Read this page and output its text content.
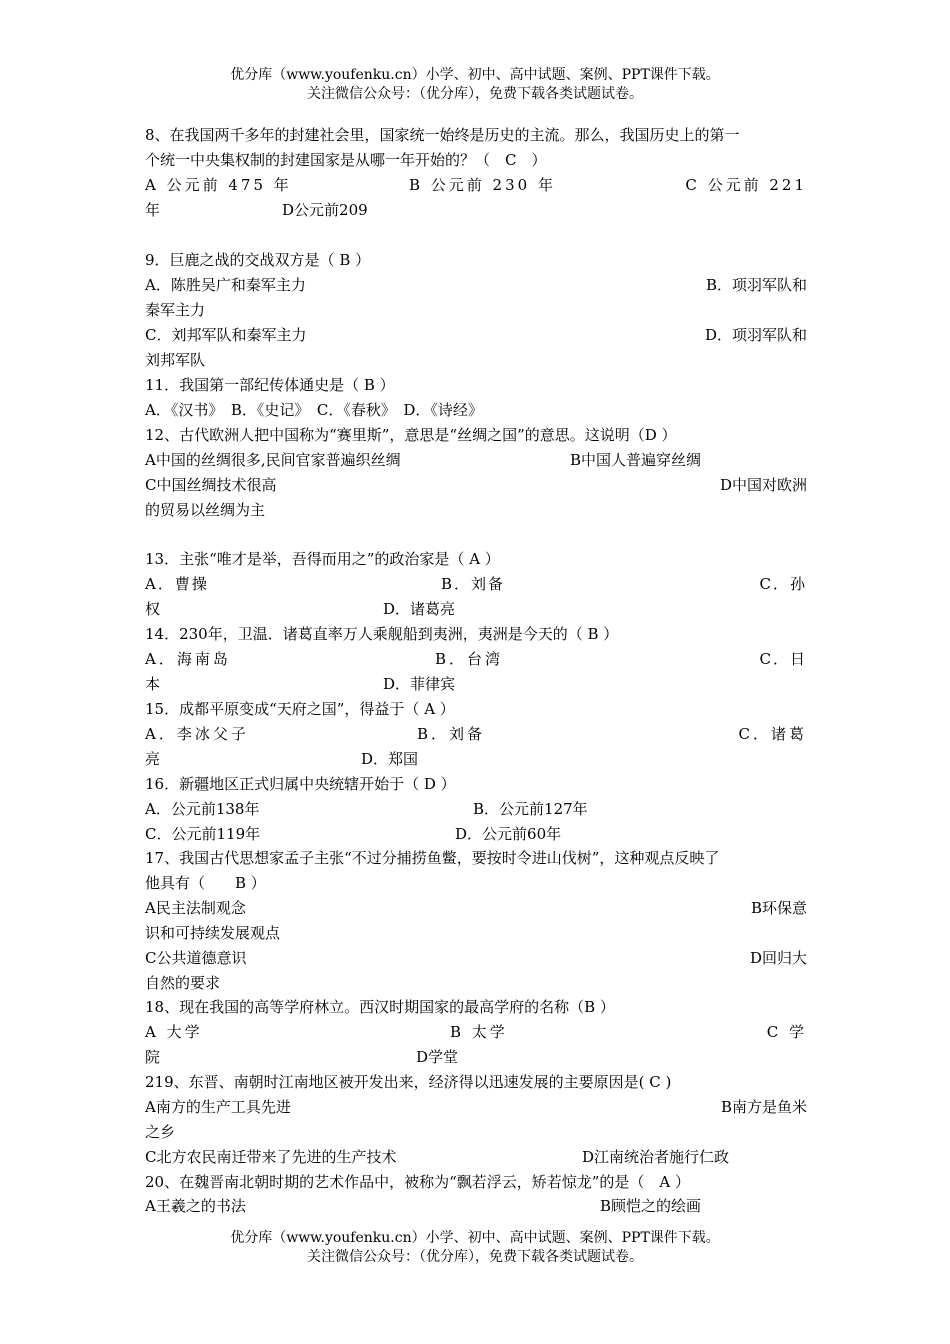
优分库（www.youfenku.cn）小学、初中、高中试题、案例、PPT课件下载。
关注微信公众号：（优分库），免费下载各类试题试卷。
8、在我国两千多年的封建社会里，国家统一始终是历史的主流。那么，我国历史上的第一
个统一中央集权制的封建国家是从哪一年开始的？（　C　）
A 公元前 475 年	B 公元前 230 年	C 公元前 221
年	D公元前209
9．巨鹿之战的交战双方是（ B ）
A．陈胜吴广和秦军主力	B．项羽军队和
秦军主力
C．刘邦军队和秦军主力	D．项羽军队和
刘邦军队
11．我国第一部纪传体通史是（ B ）
A．《汉书》　B．《史记》　C．《春秋》　D．《诗经》
12、古代欧洲人把中国称为“赛里斯”，意思是“丝绸之国”的意思。这说明（D ）
A中国的丝绸很多,民间官家普遍织丝绸	B中国人普遍穿丝绸
C中国丝绸技术很高	D中国对欧洲
的贸易以丝绸为主
13．主张“唯才是举，吾得而用之”的政治家是（ A ）
A．曹操	B．刘备	C．孙
权	D．诸葛亮
14．230年，卫温．诸葛直率万人乘舰船到夷洲，夷洲是今天的（ B ）
A．海南岛	B．台湾	C．日
本	D．菲律宾
15．成都平原变成“天府之国”，得益于（ A ）
A．李冰父子	B．刘备	C．诸葛
亮	D．郑国
16．新疆地区正式归属中央统辖开始于（ D ）
A．公元前138年	B．公元前127年
C．公元前119年	D．公元前60年
17、我国古代思想家孟子主张“不过分捕捞鱼鳖，要按时令进山伐树”，这种观点反映了
他具有（　　B ）
A民主法制观念	B环保意
识和可持续发展观点
C公共道德意识	D回归大
自然的要求
18、现在我国的高等学府林立。西汉时期国家的最高学府的名称（B ）
A 大学	B 太学	C 学
院	D学堂
219、东晋、南朝时江南地区被开发出来，经济得以迅速发展的主要原因是( C )
A南方的生产工具先进	B南方是鱼米
之乡
C北方农民南迁带来了先进的生产技术	D江南统治者施行仁政
20、在魏晋南北朝时期的艺术作品中，被称为“飘若浮云，矫若惊龙”的是（　A ）
A王羲之的书法	B顾恺之的绘画
优分库（www.youfenku.cn）小学、初中、高中试题、案例、PPT课件下载。
关注微信公众号：（优分库），免费下载各类试题试卷。
